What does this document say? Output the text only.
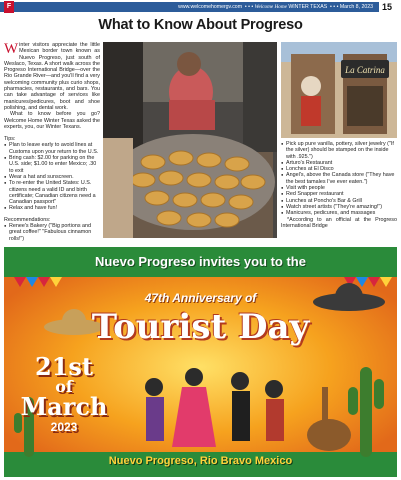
F	www.welcomehomergv.com  • • • Welcome Home WINTER TEXAS  • • • March 8, 2023 15
What to Know About Progreso

Winter visitors appreciate the little Mexican border town known as Nuevo Progreso, just south of Weslaco, Texas. A short walk across the Progreso International Bridge—over the Rio Grande River—and you'll find a very welcoming community plus curio shops, pharmacies, restaurants, and bars. You can take advantage of services like manicures/pedicures, boot and shoe polishing, and dental work.

What to know before you go? Welcome Home Winter Texas asked the experts, you, our Winter Texans.

Tips:

● Plan to leave early to avoid lines at Customs upon your return to the U.S.
● Bring cash: $2.00 for parking on the U.S. side; $1.00 to enter Mexico; .30 to exit
● Wear a hat and sunscreen.
● To re-enter the United States: U.S. citizens need a valid ID and birth certificate; Canadian citizens need a Canadian passport"
● Relax and have fun!

Recommendations:

● Renee's Bakery ("Big portions and great coffee!" "Fabulous cinnamon rolls!")
La Catrina
● Pick up pure vanilla, pottery, silver jewelry ("If the silver) should be stamped on the inside with .925.")
● Arturo's Restaurant
● Lonches at El Disco
● Angel's, above the Canada store ("They have the best tamales I've ever eaten.")
● Visit with people
● Red Snapper restaurant
● Lunches at Poncho's Bar & Grill
● Watch street artists ("They're amazing!")
● Manicures, pedicures, and massages

*According to an official at the Progreso International Bridge

Nuevo Progreso invites you to the
47th Anniversary of
Tourist Day
21st
of
March
2023
Nuevo Progreso, Rio Bravo Mexico
